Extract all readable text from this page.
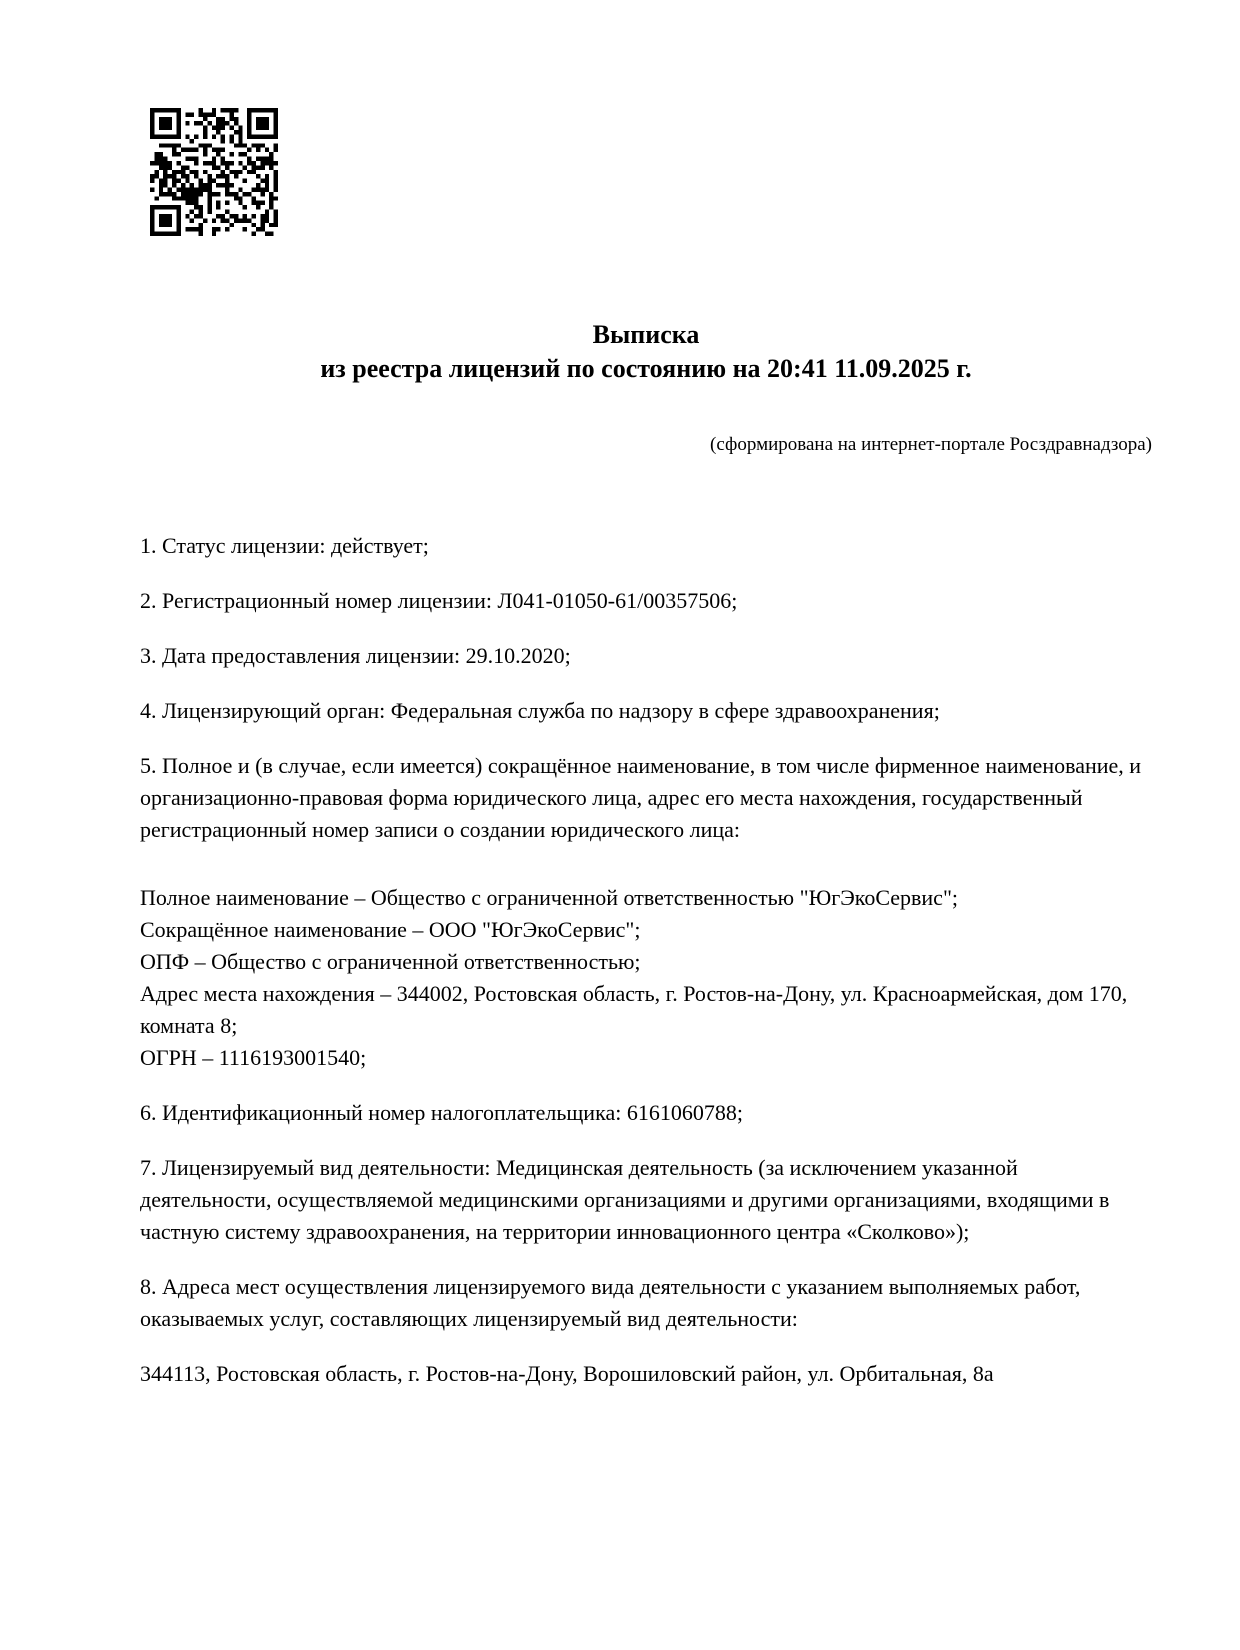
Выписка
из реестра лицензий по состоянию на 20:41 11.09.2025 г.
(сформирована на интернет-портале Росздравнадзора)

1. Статус лицензии: действует;

2. Регистрационный номер лицензии: Л041-01050-61/00357506;

3. Дата предоставления лицензии: 29.10.2020;

4. Лицензирующий орган: Федеральная служба по надзору в сфере здравоохранения;

5. Полное и (в случае, если имеется) сокращённое наименование, в том числе фирменное наименование, и организационно-правовая форма юридического лица, адрес его места нахождения, государственный регистрационный номер записи о создании юридического лица:

Полное наименование – Общество с ограниченной ответственностью "ЮгЭкоСервис";
Сокращённое наименование – ООО "ЮгЭкоСервис";
ОПФ – Общество с ограниченной ответственностью;
Адрес места нахождения – 344002, Ростовская область, г. Ростов-на-Дону, ул. Красноармейская, дом 170, комната 8;
ОГРН – 1116193001540;

6. Идентификационный номер налогоплательщика: 6161060788;

7. Лицензируемый вид деятельности: Медицинская деятельность (за исключением указанной деятельности, осуществляемой медицинскими организациями и другими организациями, входящими в частную систему здравоохранения, на территории инновационного центра «Сколково»);

8. Адреса мест осуществления лицензируемого вида деятельности с указанием выполняемых работ, оказываемых услуг, составляющих лицензируемый вид деятельности:

344113, Ростовская область, г. Ростов-на-Дону, Ворошиловский район, ул. Орбитальная, 8а
